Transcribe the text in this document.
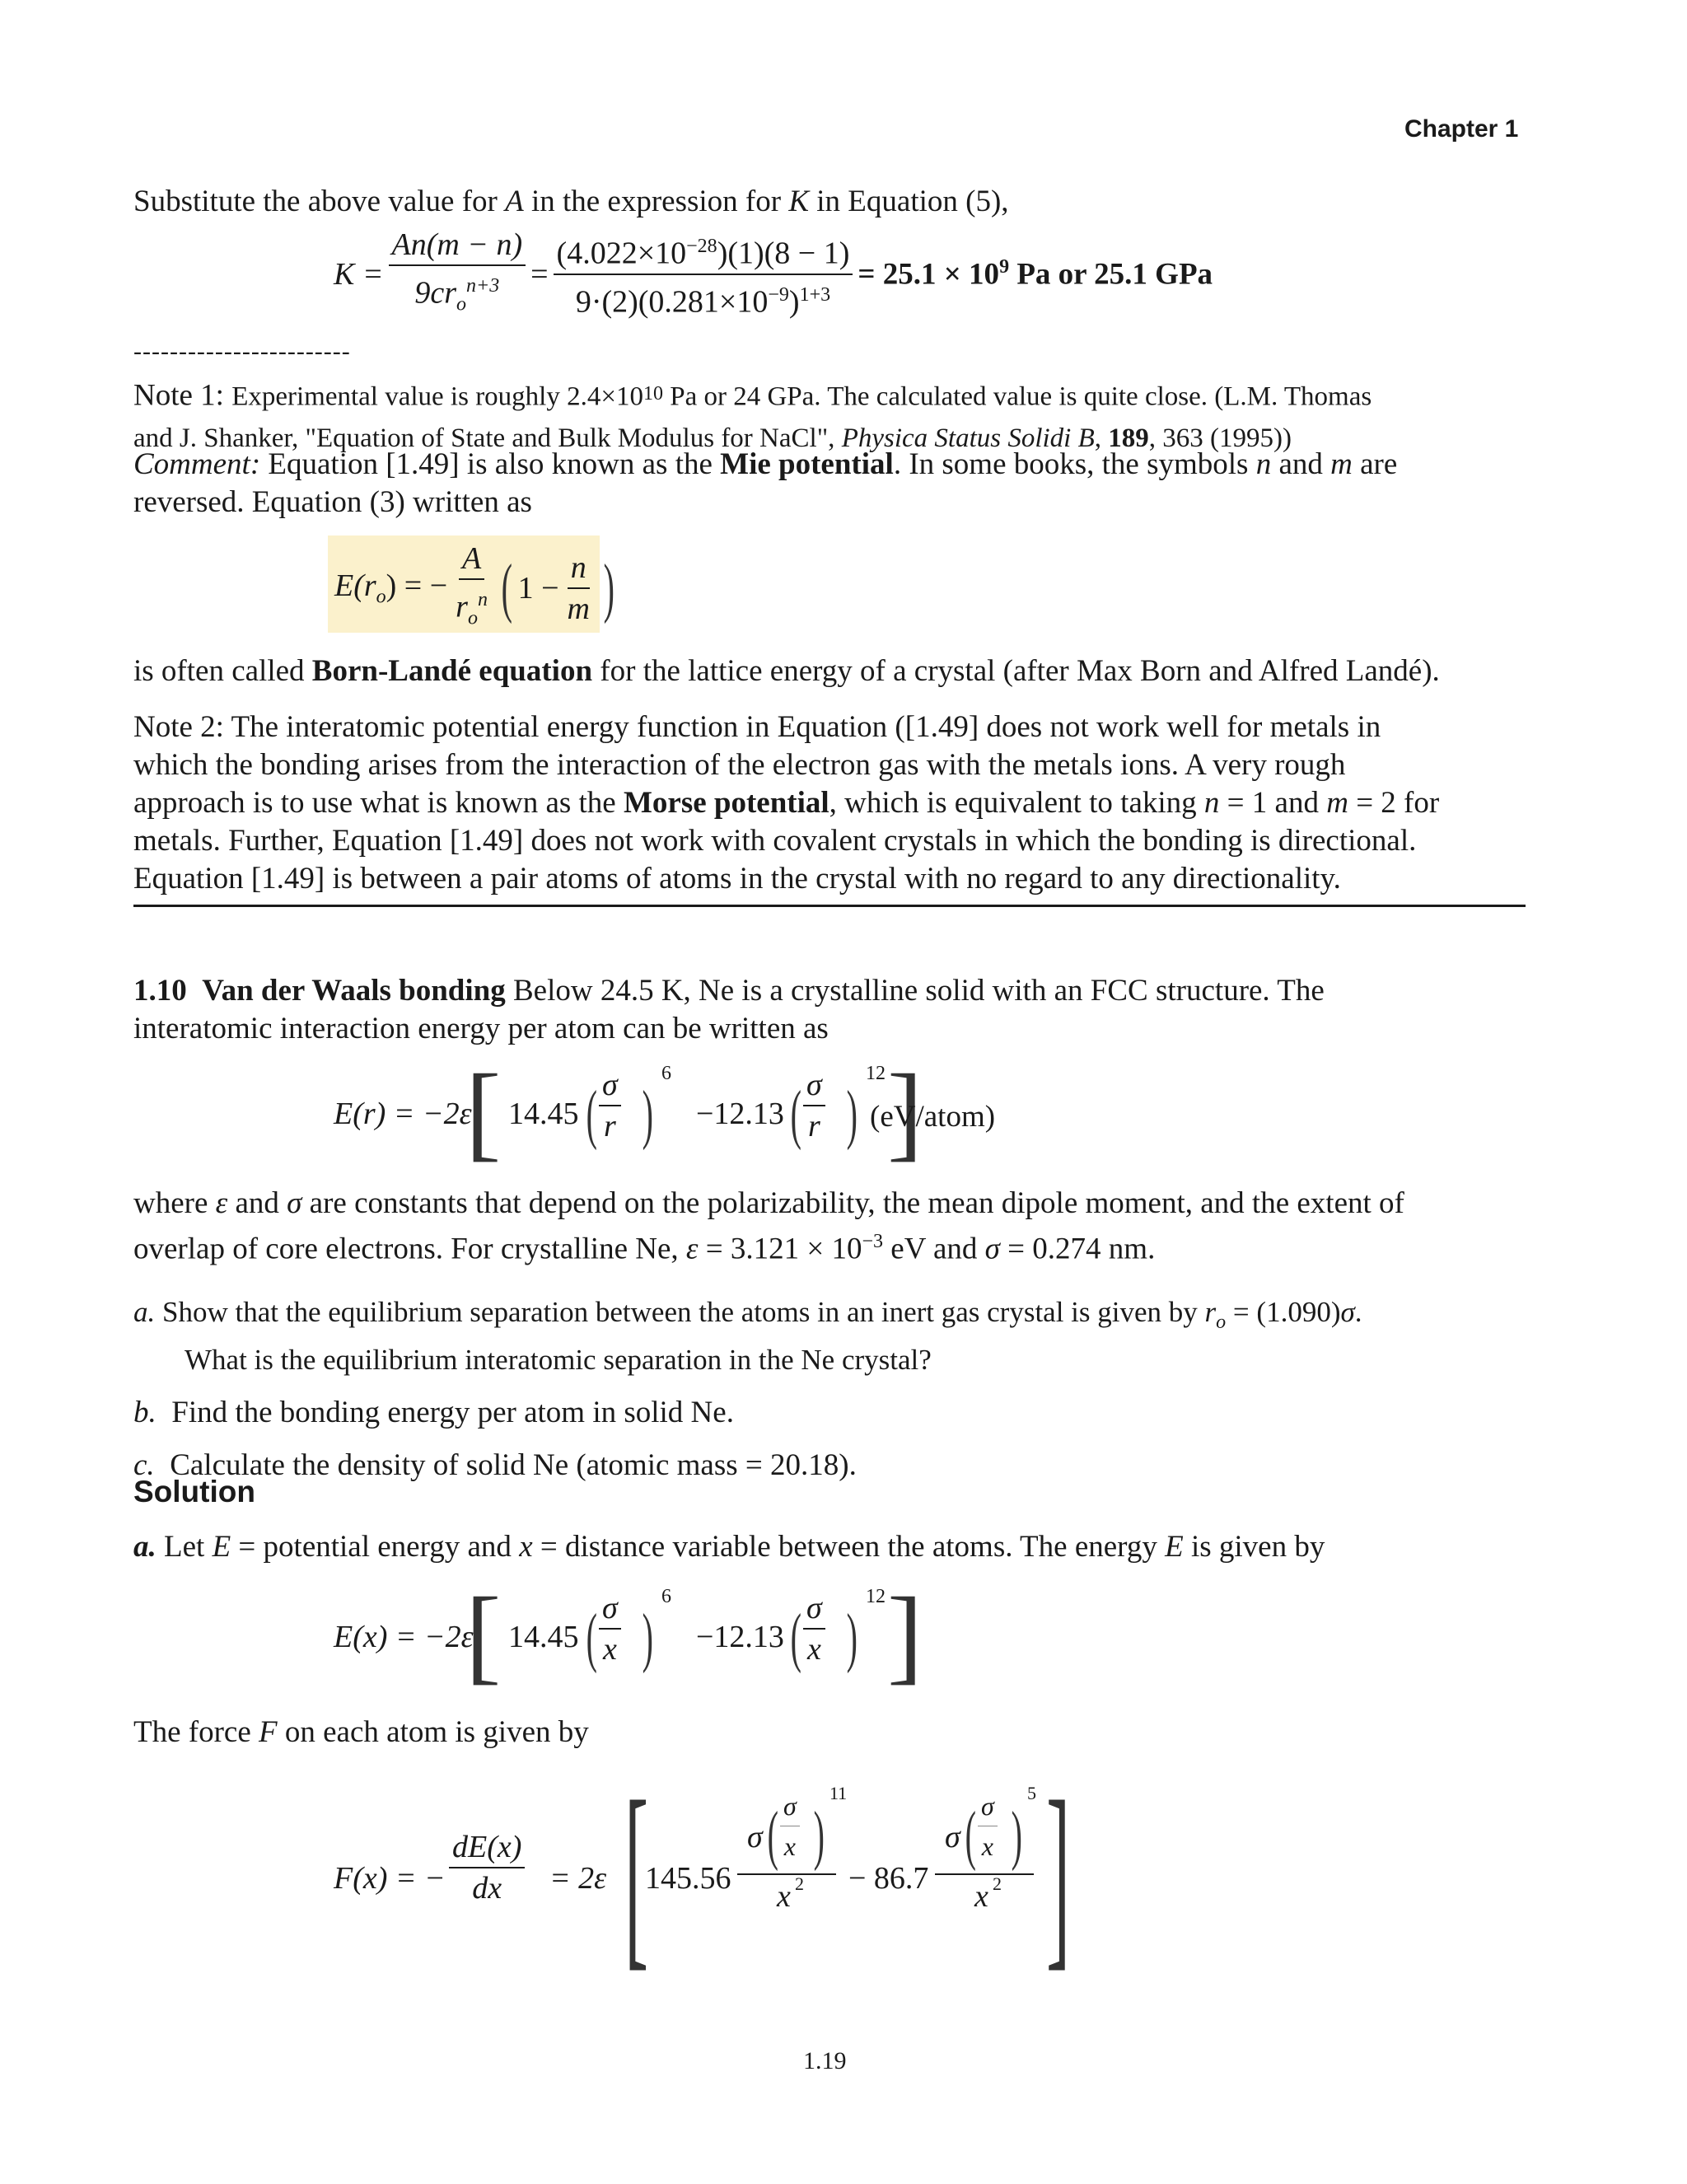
Chapter 1
Substitute the above value for A in the expression for K in Equation (5),
$K = \frac{An(m - n)}{9cr_o^{n+3}} = \frac{(4.022\times 10^{-28})(1)(8 - 1)}{9\cdot(2)(0.281\times 10^{-9})^{1+3}} = 25.1 \times 10^9$ Pa or 25.1 GPa
------------------------
Note 1: Experimental value is roughly $2.4\times 10^{10}$ Pa or 24 GPa. The calculated value is quite close. (L.M. Thomas
and J. Shanker, "Equation of State and Bulk Modulus for NaCl", Physica Status Solidi B, 189, 363 (1995))
Comment: Equation [1.49] is also known as the Mie potential. In some books, the symbols n and m are
reversed. Equation (3) written as
$E(r_o)$ = − $\frac{A}{r_o^n}$ ( $1 - \frac{n}{m}$ )
is often called Born-Landé equation for the lattice energy of a crystal (after Max Born and Alfred Landé).
Note 2: The interatomic potential energy function in Equation ([1.49] does not work well for metals in
which the bonding arises from the interaction of the electron gas with the metals ions. A very rough
approach is to use what is known as the Morse potential, which is equivalent to taking n = 1 and m = 2 for
metals. Further, Equation [1.49] does not work with covalent crystals in which the bonding is directional.
Equation [1.49] is between a pair atoms of atoms in the crystal with no regard to any directionality.
1.10 Van der Waals bonding Below 24.5 K, Ne is a crystalline solid with an FCC structure. The
interatomic interaction energy per atom can be written as
E(r) = −2ε
[ 14.45 ( $\frac{\sigma}{r}$ )
6
−12.13 ( $\frac{\sigma}{r}$ )
12 ]
(eV/atom)
where ε and σ are constants that depend on the polarizability, the mean dipole moment, and the extent of
overlap of core electrons. For crystalline Ne, $\varepsilon = 3.121 \times 10^{-3}$ eV and σ = 0.274 nm.
a. Show that the equilibrium separation between the atoms in an inert gas crystal is given by $r_o = (1.090)\sigma$.
What is the equilibrium interatomic separation in the Ne crystal?
b. Find the bonding energy per atom in solid Ne.
c. Calculate the density of solid Ne (atomic mass = 20.18).
Solution
a. Let E = potential energy and x = distance variable between the atoms. The energy E is given by
E(x) = −2ε
[ 14.45 ( $\frac{\sigma}{x}$ )
6
−12.13 ( $\frac{\sigma}{x}$ )
12 ]
The force F on each atom is given by
F(x) = − $\frac{dE(x)}{dx} = 2\varepsilon$ [
145.56
σ ( $\frac{\sigma}{x}$ )
11
x 2 − 86.7
σ ( $\frac{\sigma}{x}$ )
5
x 2 ]
1.19
